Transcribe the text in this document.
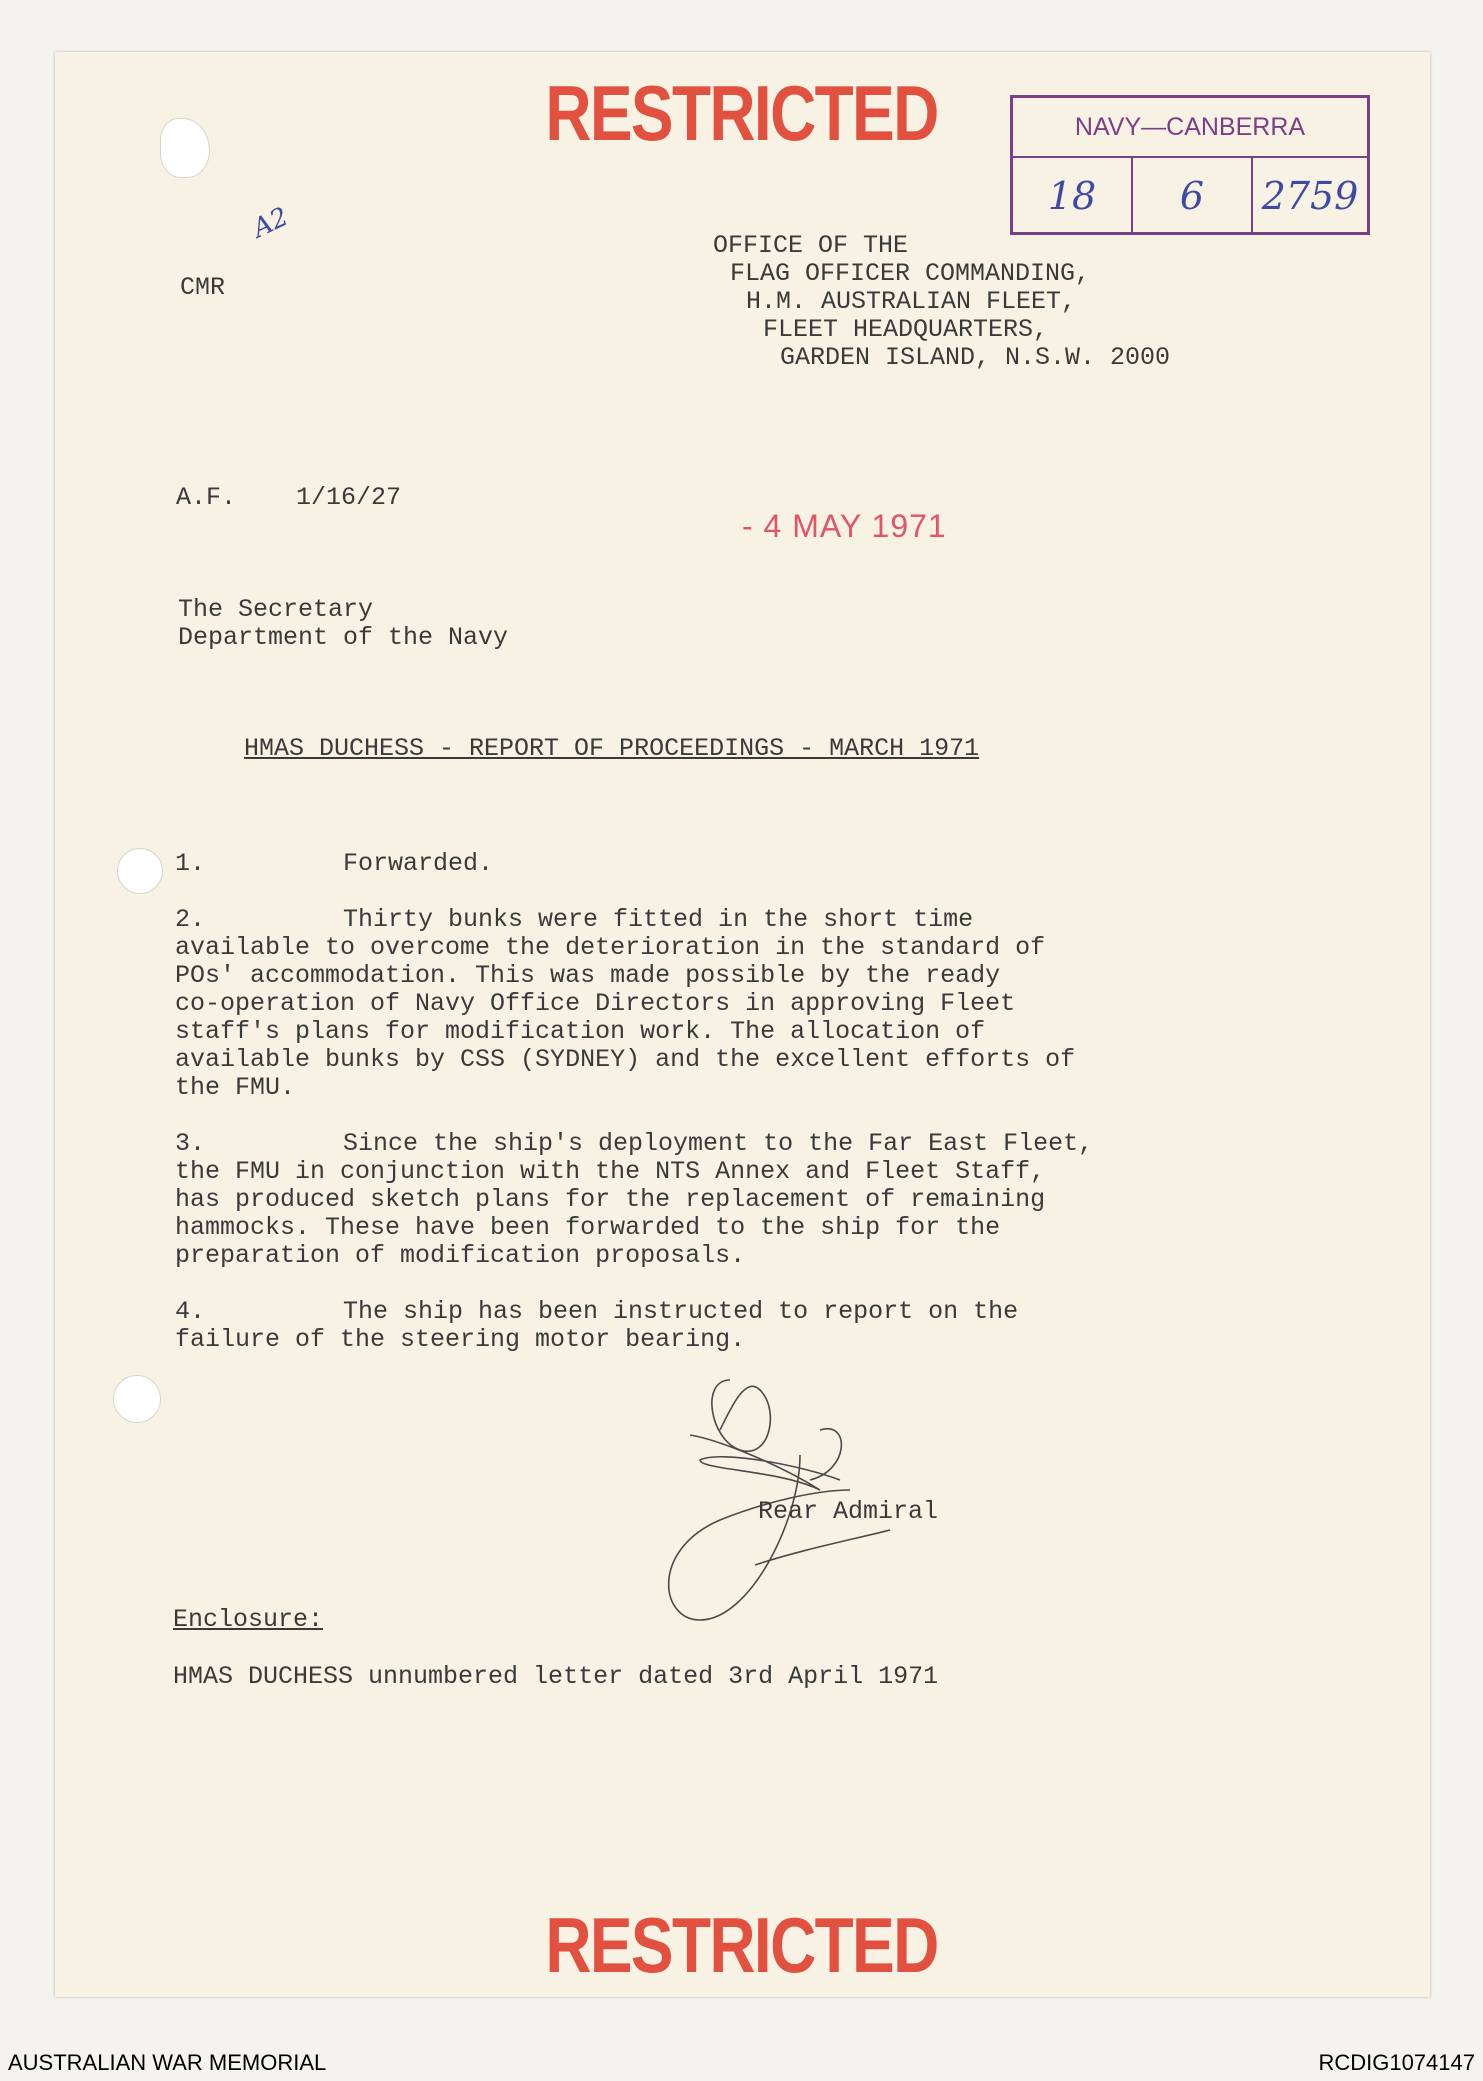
RESTRICTED	NAVY—CANBERRA
18	6	2759
A2
CMR
OFFICE OF THE
FLAG OFFICER COMMANDING,
H.M. AUSTRALIAN FLEET,
FLEET HEADQUARTERS,
GARDEN ISLAND, N.S.W. 2000
A.F. 1/16/27
- 4 MAY 1971
The Secretary
Department of the Navy
HMAS DUCHESS - REPORT OF PROCEEDINGS - MARCH 1971
1.	Forwarded.
2.	Thirty bunks were fitted in the short time
available to overcome the deterioration in the standard of
POs' accommodation. This was made possible by the ready
co-operation of Navy Office Directors in approving Fleet
staff's plans for modification work. The allocation of
available bunks by CSS (SYDNEY) and the excellent efforts of
the FMU.
3.	Since the ship's deployment to the Far East Fleet,
the FMU in conjunction with the NTS Annex and Fleet Staff,
has produced sketch plans for the replacement of remaining
hammocks. These have been forwarded to the ship for the
preparation of modification proposals.
4.	The ship has been instructed to report on the
failure of the steering motor bearing.
Rear Admiral
Enclosure:
HMAS DUCHESS unnumbered letter dated 3rd April 1971
RESTRICTED
AUSTRALIAN WAR MEMORIAL	RCDIG1074147
